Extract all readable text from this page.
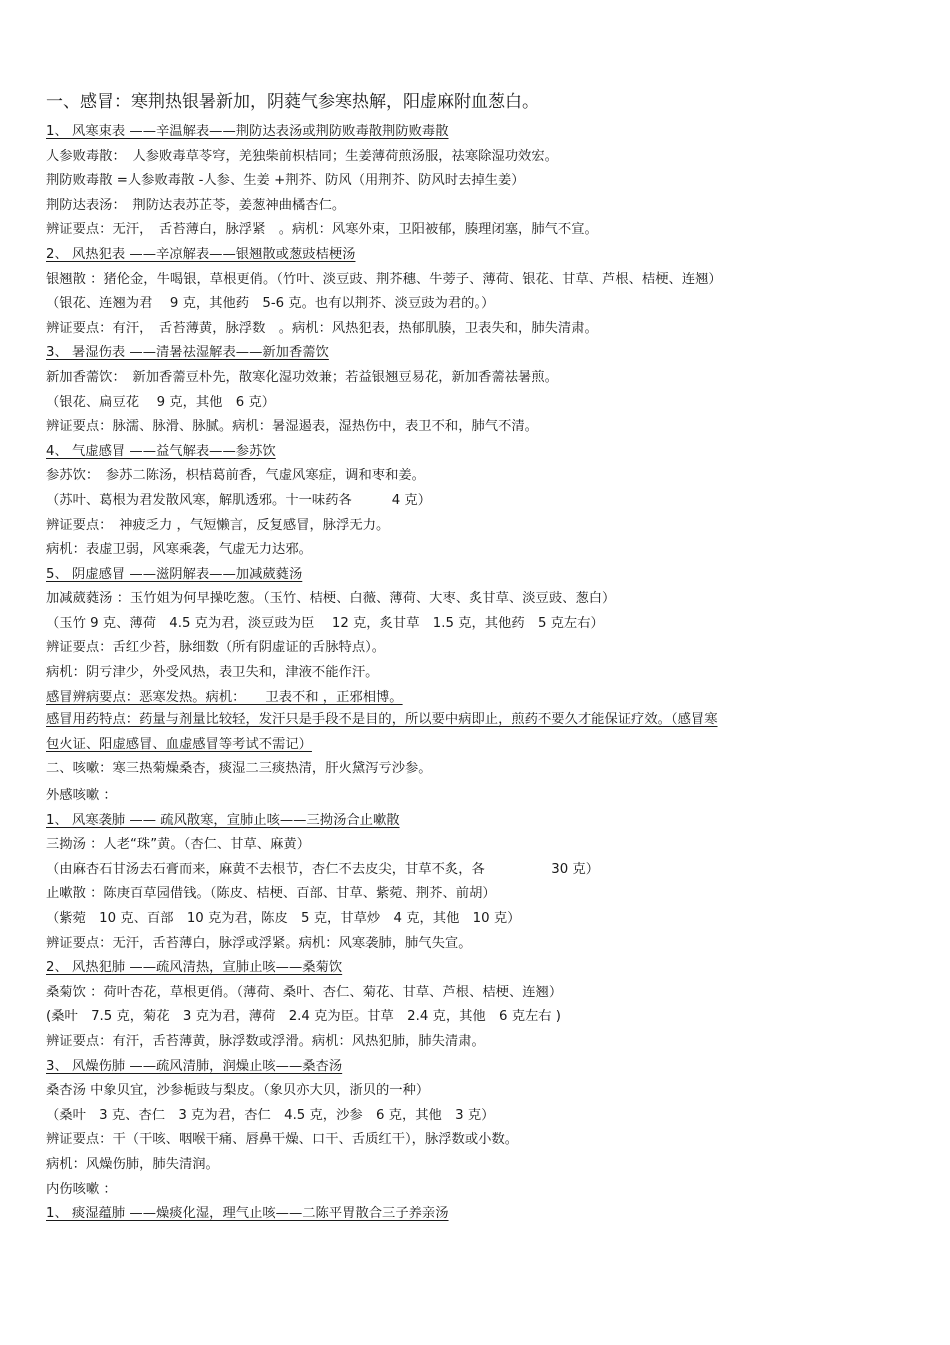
一、感冒：寒荆热银暑新加，阴蕤气参寒热解，阳虚麻附血葱白。
1、 风寒束表 ——辛温解表——荆防达表汤或荆防败毒散荆防败毒散
人参败毒散：　人参败毒草苓穹，羌独柴前枳桔同；生姜薄荷煎汤服，祛寒除湿功效宏。
荆防败毒散 =人参败毒散 -人参、生姜 +荆芥、防风（用荆芥、防风时去掉生姜）
荆防达表汤：　荆防达表苏芷苓，姜葱神曲橘杏仁。
辨证要点：无汗，　舌苔薄白，脉浮紧　。病机：风寒外束，卫阳被郁，腠理闭塞，肺气不宣。
2、 风热犯表 ——辛凉解表——银翘散或葱豉桔梗汤
银翘散 ：猪伦金，牛喝银，草根更俏。（竹叶、淡豆豉、荆芥穗、牛蒡子、薄荷、银花、甘草、芦根、桔梗、连翘）
（银花、连翘为君　 9 克，其他药　5-6 克。也有以荆芥、淡豆豉为君的。）
辨证要点：有汗，　舌苔薄黄，脉浮数　。病机：风热犯表，热郁肌腠，卫表失和，肺失清肃。
3、 暑湿伤表 ——清暑祛湿解表——新加香薷饮
新加香薷饮：　新加香薷豆朴先，散寒化湿功效兼；若益银翘豆易花，新加香薷祛暑煎。
（银花、扁豆花　 9 克，其他　6 克）
辨证要点：脉濡、脉滑、脉腻。病机：暑湿遏表，湿热伤中，表卫不和，肺气不清。
4、 气虚感冒 ——益气解表——参苏饮
参苏饮：　参苏二陈汤，枳桔葛前香，气虚风寒症，调和枣和姜。
（苏叶、葛根为君发散风寒，解肌透邪。十一味药各　　　4 克）
辨证要点：　神疲乏力 ，气短懒言，反复感冒，脉浮无力。
病机：表虚卫弱，风寒乘袭，气虚无力达邪。
5、 阴虚感冒 ——滋阴解表——加减葳蕤汤
加减葳蕤汤 ：玉竹姐为何早操吃葱。（玉竹、桔梗、白薇、薄荷、大枣、炙甘草、淡豆豉、葱白）
（玉竹 9 克、薄荷　4.5 克为君，淡豆豉为臣　 12 克，炙甘草　1.5 克，其他药　5 克左右）
辨证要点：舌红少苔，脉细数（所有阴虚证的舌脉特点）。
病机：阴亏津少，外受风热，表卫失和，津液不能作汗。
感冒辨病要点：恶寒发热。病机：　　卫表不和 ，正邪相博。
感冒用药特点：药量与剂量比较轻，发汗只是手段不是目的，所以要中病即止，煎药不要久才能保证疗效。（感冒寒
包火证、阳虚感冒、血虚感冒等考试不需记）
二、咳嗽：寒三热菊燥桑杏，痰湿二三痰热清，肝火黛泻亏沙参。
外感咳嗽 ：
1、 风寒袭肺 —— 疏风散寒，宣肺止咳——三拗汤合止嗽散
三拗汤 ：人老“珠”黄。（杏仁、甘草、麻黄）
（由麻杏石甘汤去石膏而来，麻黄不去根节，杏仁不去皮尖，甘草不炙，各　　　　　30 克）
止嗽散 ：陈庚百草园借钱。（陈皮、桔梗、百部、甘草、紫菀、荆芥、前胡）
（紫菀　10 克、百部　10 克为君，陈皮　5 克，甘草炒　4 克，其他　10 克）
辨证要点：无汗，舌苔薄白，脉浮或浮紧。病机：风寒袭肺，肺气失宣。
2、 风热犯肺 ——疏风清热，宣肺止咳——桑菊饮
桑菊饮 ：荷叶杏花，草根更俏。（薄荷、桑叶、杏仁、菊花、甘草、芦根、桔梗、连翘）
(桑叶　7.5 克，菊花　3 克为君，薄荷　2.4 克为臣。甘草　2.4 克，其他　6 克左右 )
辨证要点：有汗，舌苔薄黄，脉浮数或浮滑。病机：风热犯肺，肺失清肃。
3、 风燥伤肺 ——疏风清肺，润燥止咳——桑杏汤
桑杏汤 中象贝宜，沙参栀豉与梨皮。（象贝亦大贝，浙贝的一种）
（桑叶　3 克、杏仁　3 克为君，杏仁　4.5 克，沙参　6 克，其他　3 克）
辨证要点：干（干咳、咽喉干痛、唇鼻干燥、口干、舌质红干），脉浮数或小数。
病机：风燥伤肺，肺失清润。
内伤咳嗽 ：
1、 痰湿蕴肺 ——燥痰化湿，理气止咳——二陈平胃散合三子养亲汤
